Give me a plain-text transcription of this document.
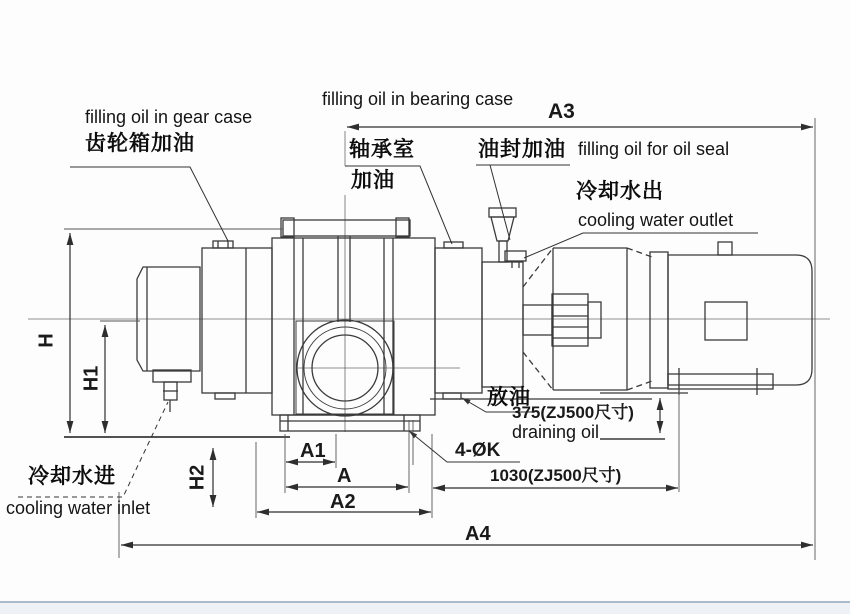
filling oil in gear case
齿轮箱加油
filling oil in bearing case
A3
轴承室
加油
油封加油 filling oil for oil seal
冷却水出
cooling water outlet
H
H1
H2
冷却水进
cooling water inlet
放油
375(ZJ500尺寸)
draining oil
4-ØK
1030(ZJ500尺寸)
A1
A
A2
A4
